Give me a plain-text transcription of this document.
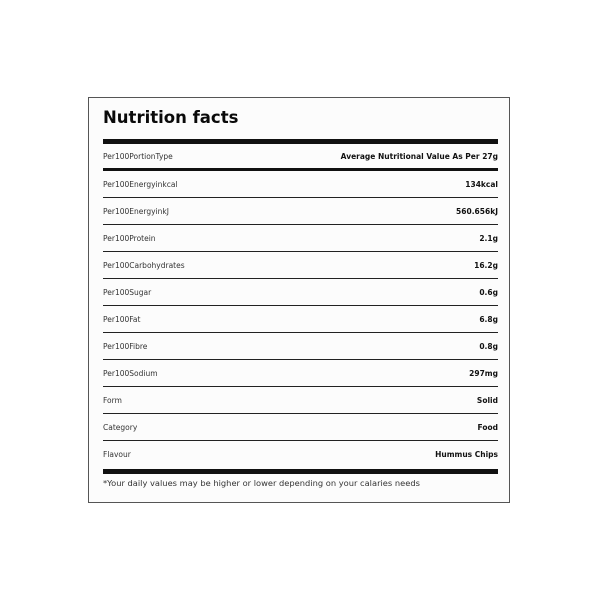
Nutrition facts
Per100PortionType	Average Nutritional Value As Per 27g
Per100Energyinkcal	134kcal
Per100EnergyinkJ	560.656kJ
Per100Protein	2.1g
Per100Carbohydrates	16.2g
Per100Sugar	0.6g
Per100Fat	6.8g
Per100Fibre	0.8g
Per100Sodium	297mg
Form	Solid
Category	Food
Flavour	Hummus Chips
*Your daily values may be higher or lower depending on your calaries needs
